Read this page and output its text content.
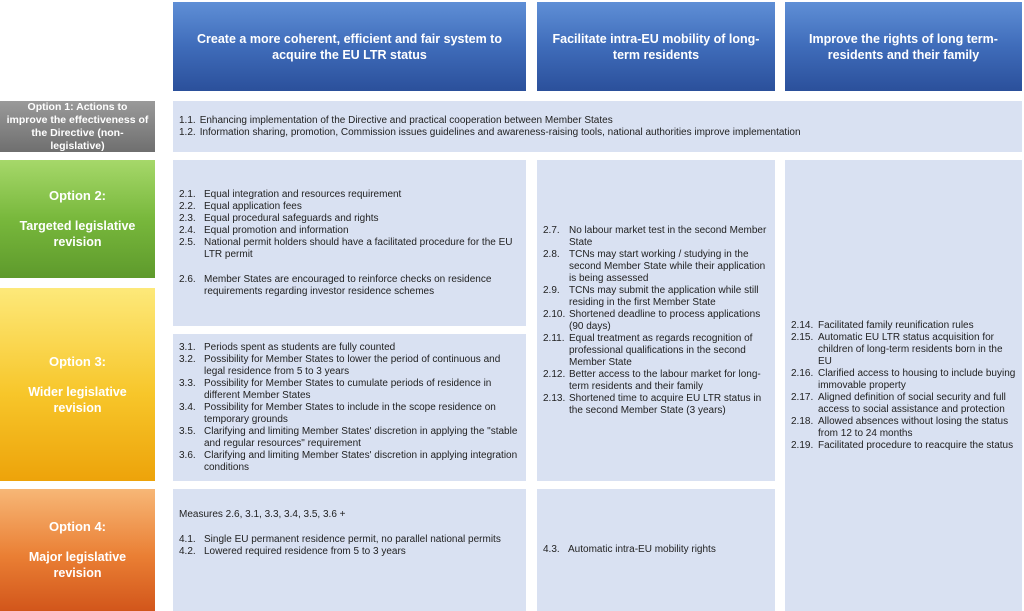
Create a more coherent, efficient and fair system to acquire the EU LTR status
Facilitate intra-EU mobility of long-term residents
Improve the rights of long term-residents and their family
Option 1: Actions to improve the effectiveness of the Directive (non-legislative)
Option 2:
Targeted legislative revision
Option 3:
Wider legislative revision
Option 4:
Major legislative revision
1.1. Enhancing implementation of the Directive and practical cooperation between Member States
1.2. Information sharing, promotion, Commission issues guidelines and awareness-raising tools, national authorities improve implementation
2.1. Equal integration and resources requirement
2.2. Equal application fees
2.3. Equal procedural safeguards and rights
2.4. Equal promotion and information
2.5. National permit holders should have a facilitated procedure for the EU LTR permit
2.6. Member States are encouraged to reinforce checks on residence requirements regarding investor residence schemes
2.7. No labour market test in the second Member State
2.8. TCNs may start working / studying in the second Member State while their application is being assessed
2.9. TCNs may submit the application while still residing in the first Member State
2.10. Shortened deadline to process applications (90 days)
2.11. Equal treatment as regards recognition of professional qualifications in the second Member State
2.12. Better access to the labour market for long-term residents and their family
2.13. Shortened time to acquire EU LTR status in the second Member State (3 years)
3.1. Periods spent as students are fully counted
3.2. Possibility for Member States to lower the period of continuous and legal residence from 5 to 3 years
3.3. Possibility for Member States to cumulate periods of residence in different Member States
3.4. Possibility for Member States to include in the scope residence on temporary grounds
3.5. Clarifying and limiting Member States' discretion in applying the "stable and regular resources" requirement
3.6. Clarifying and limiting Member States' discretion in applying integration conditions
2.14. Facilitated family reunification rules
2.15. Automatic EU LTR status acquisition for children of long-term residents born in the EU
2.16. Clarified access to housing to include buying immovable property
2.17. Aligned definition of social security and full access to social assistance and protection
2.18. Allowed absences without losing the status from 12 to 24 months
2.19. Facilitated procedure to reacquire the status
Measures 2.6, 3.1, 3.3, 3.4, 3.5, 3.6 +
4.1. Single EU permanent residence permit, no parallel national permits
4.2. Lowered required residence from 5 to 3 years	4.3. Automatic intra-EU mobility rights
